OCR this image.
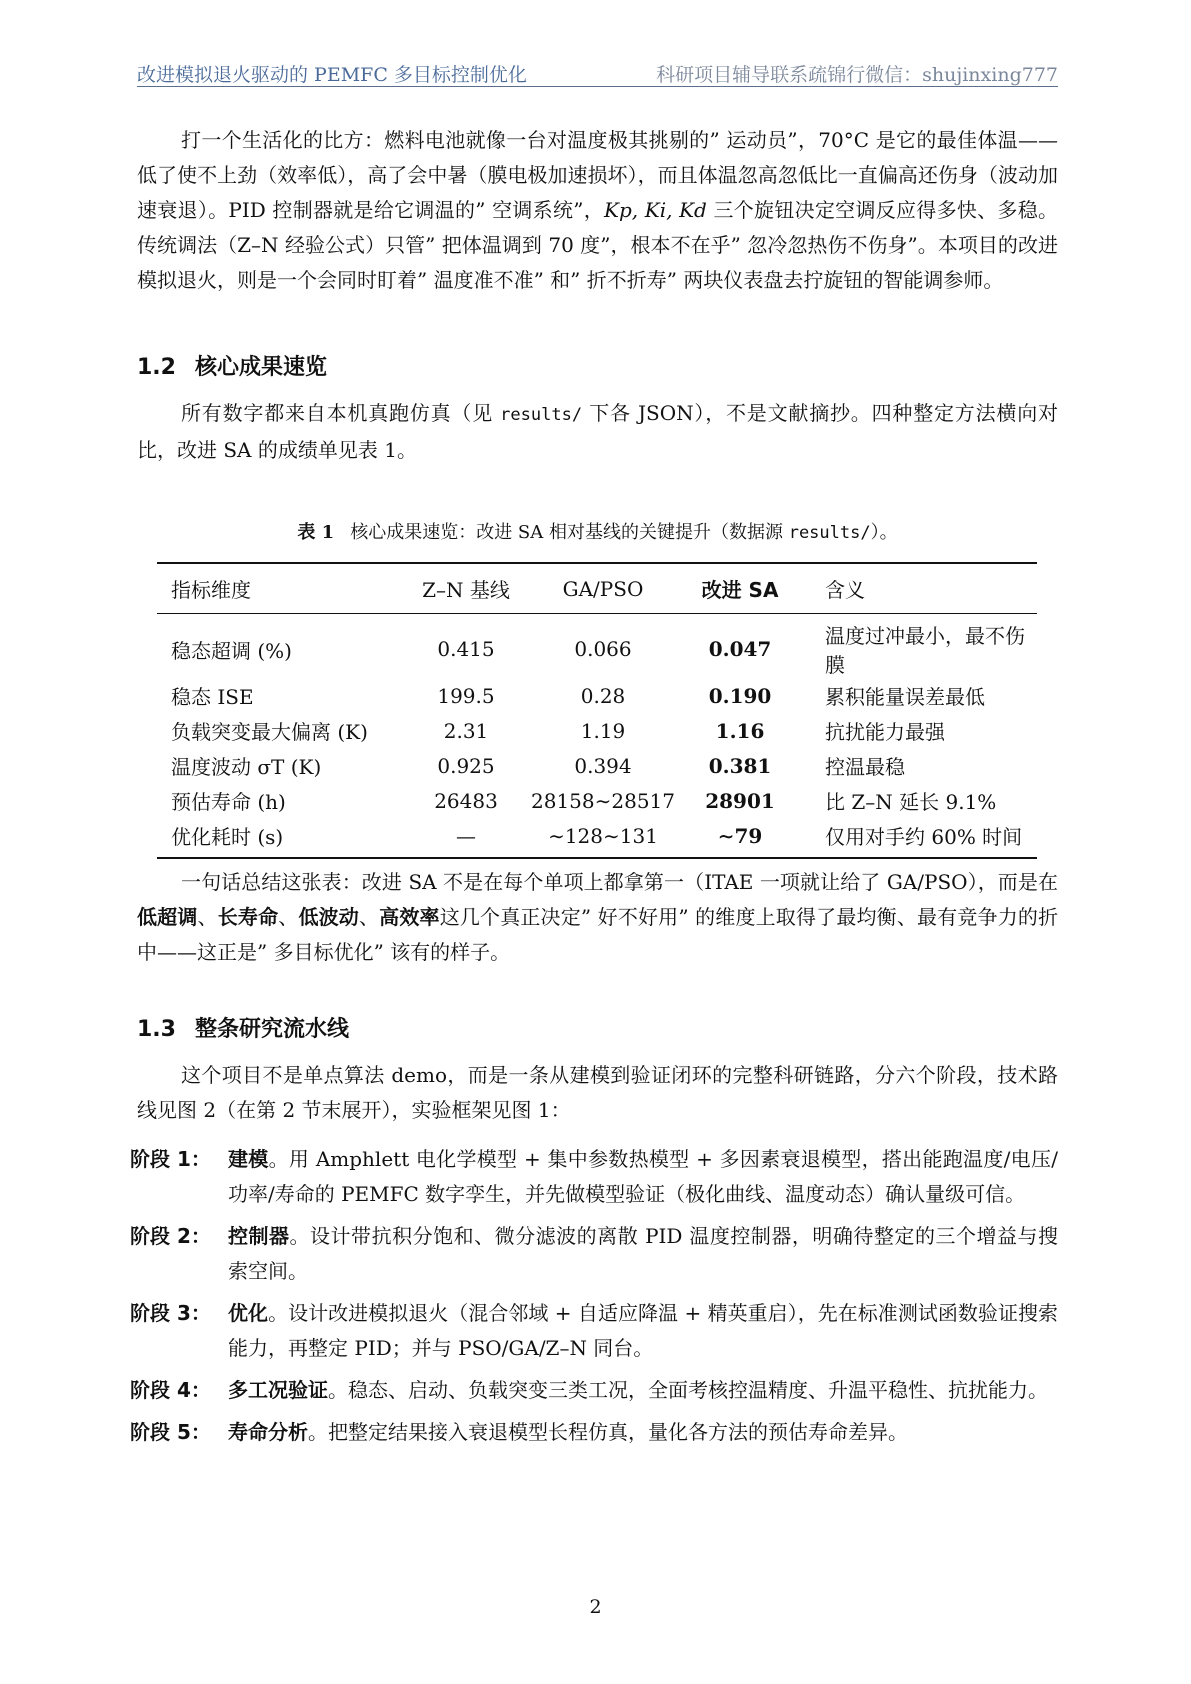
改进模拟退火驱动的 PEMFC 多目标控制优化	科研项目辅导联系疏锦行微信：shujinxing777

打一个生活化的比方：燃料电池就像一台对温度极其挑剔的” 运动员”，70°C 是它的最佳体温——低了使不上劲（效率低），高了会中暑（膜电极加速损坏），而且体温忽高忽低比一直偏高还伤身（波动加速衰退）。PID 控制器就是给它调温的” 空调系统”，Kp, Ki, Kd 三个旋钮决定空调反应得多快、多稳。传统调法（Z–N 经验公式）只管” 把体温调到 70 度”，根本不在乎” 忽冷忽热伤不伤身”。本项目的改进模拟退火，则是一个会同时盯着” 温度准不准” 和” 折不折寿” 两块仪表盘去拧旋钮的智能调参师。

1.2 核心成果速览

所有数字都来自本机真跑仿真（见 results/ 下各 JSON），不是文献摘抄。四种整定方法横向对比，改进 SA 的成绩单见表 1。

表 1 核心成果速览：改进 SA 相对基线的关键提升（数据源 results/）。
指标维度	Z–N 基线	GA/PSO	改进 SA	含义
稳态超调 (%)	0.415	0.066	0.047	温度过冲最小，最不伤膜
稳态 ISE	199.5	0.28	0.190	累积能量误差最低
负载突变最大偏离 (K)	2.31	1.19	1.16	抗扰能力最强
温度波动 σT (K)	0.925	0.394	0.381	控温最稳
预估寿命 (h)	26483	28158∼28517	28901	比 Z–N 延长 9.1%
优化耗时 (s)	—	∼128∼131	∼79	仅用对手约 60% 时间

一句话总结这张表：改进 SA 不是在每个单项上都拿第一（ITAE 一项就让给了 GA/PSO），而是在低超调、长寿命、低波动、高效率这几个真正决定” 好不好用” 的维度上取得了最均衡、最有竞争力的折中——这正是” 多目标优化” 该有的样子。

1.3 整条研究流水线

这个项目不是单点算法 demo，而是一条从建模到验证闭环的完整科研链路，分六个阶段，技术路线见图 2（在第 2 节末展开），实验框架见图 1：

阶段 1： 建模。用 Amphlett 电化学模型 + 集中参数热模型 + 多因素衰退模型，搭出能跑温度/电压/功率/寿命的 PEMFC 数字孪生，并先做模型验证（极化曲线、温度动态）确认量级可信。
阶段 2： 控制器。设计带抗积分饱和、微分滤波的离散 PID 温度控制器，明确待整定的三个增益与搜索空间。
阶段 3： 优化。设计改进模拟退火（混合邻域 + 自适应降温 + 精英重启），先在标准测试函数验证搜索能力，再整定 PID；并与 PSO/GA/Z–N 同台。
阶段 4： 多工况验证。稳态、启动、负载突变三类工况，全面考核控温精度、升温平稳性、抗扰能力。
阶段 5： 寿命分析。把整定结果接入衰退模型长程仿真，量化各方法的预估寿命差异。
2
